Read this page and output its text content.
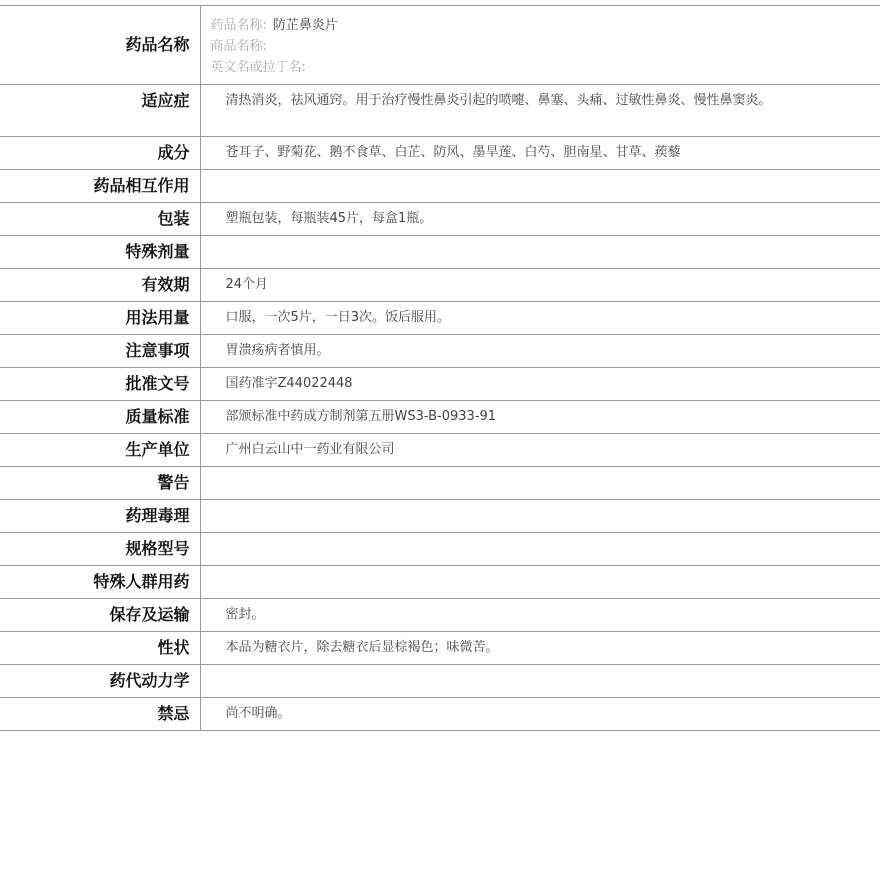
药品名称	药品名称: 防芷鼻炎片
商品名称:
英文名或拉丁名:

适应症	清热消炎，祛风通窍。用于治疗慢性鼻炎引起的喷嚏、鼻塞、头痛、过敏性鼻炎、慢性鼻窦炎。
成分	苍耳子、野菊花、鹅不食草、白芷、防风、墨旱莲、白芍、胆南星、甘草、蒺藜
药品相互作用	
包装	塑瓶包装，每瓶装45片，每盒1瓶。
特殊剂量	
有效期	24个月
用法用量	口服，一次5片，一日3次。饭后服用。
注意事项	胃溃疡病者慎用。
批准文号	国药准字Z44022448
质量标准	部颁标准中药成方制剂第五册WS3-B-0933-91
生产单位	广州白云山中一药业有限公司
警告	
药理毒理	
规格型号	
特殊人群用药	
保存及运输	密封。
性状	本品为糖衣片，除去糖衣后显棕褐色；味微苦。
药代动力学	
禁忌	尚不明确。
